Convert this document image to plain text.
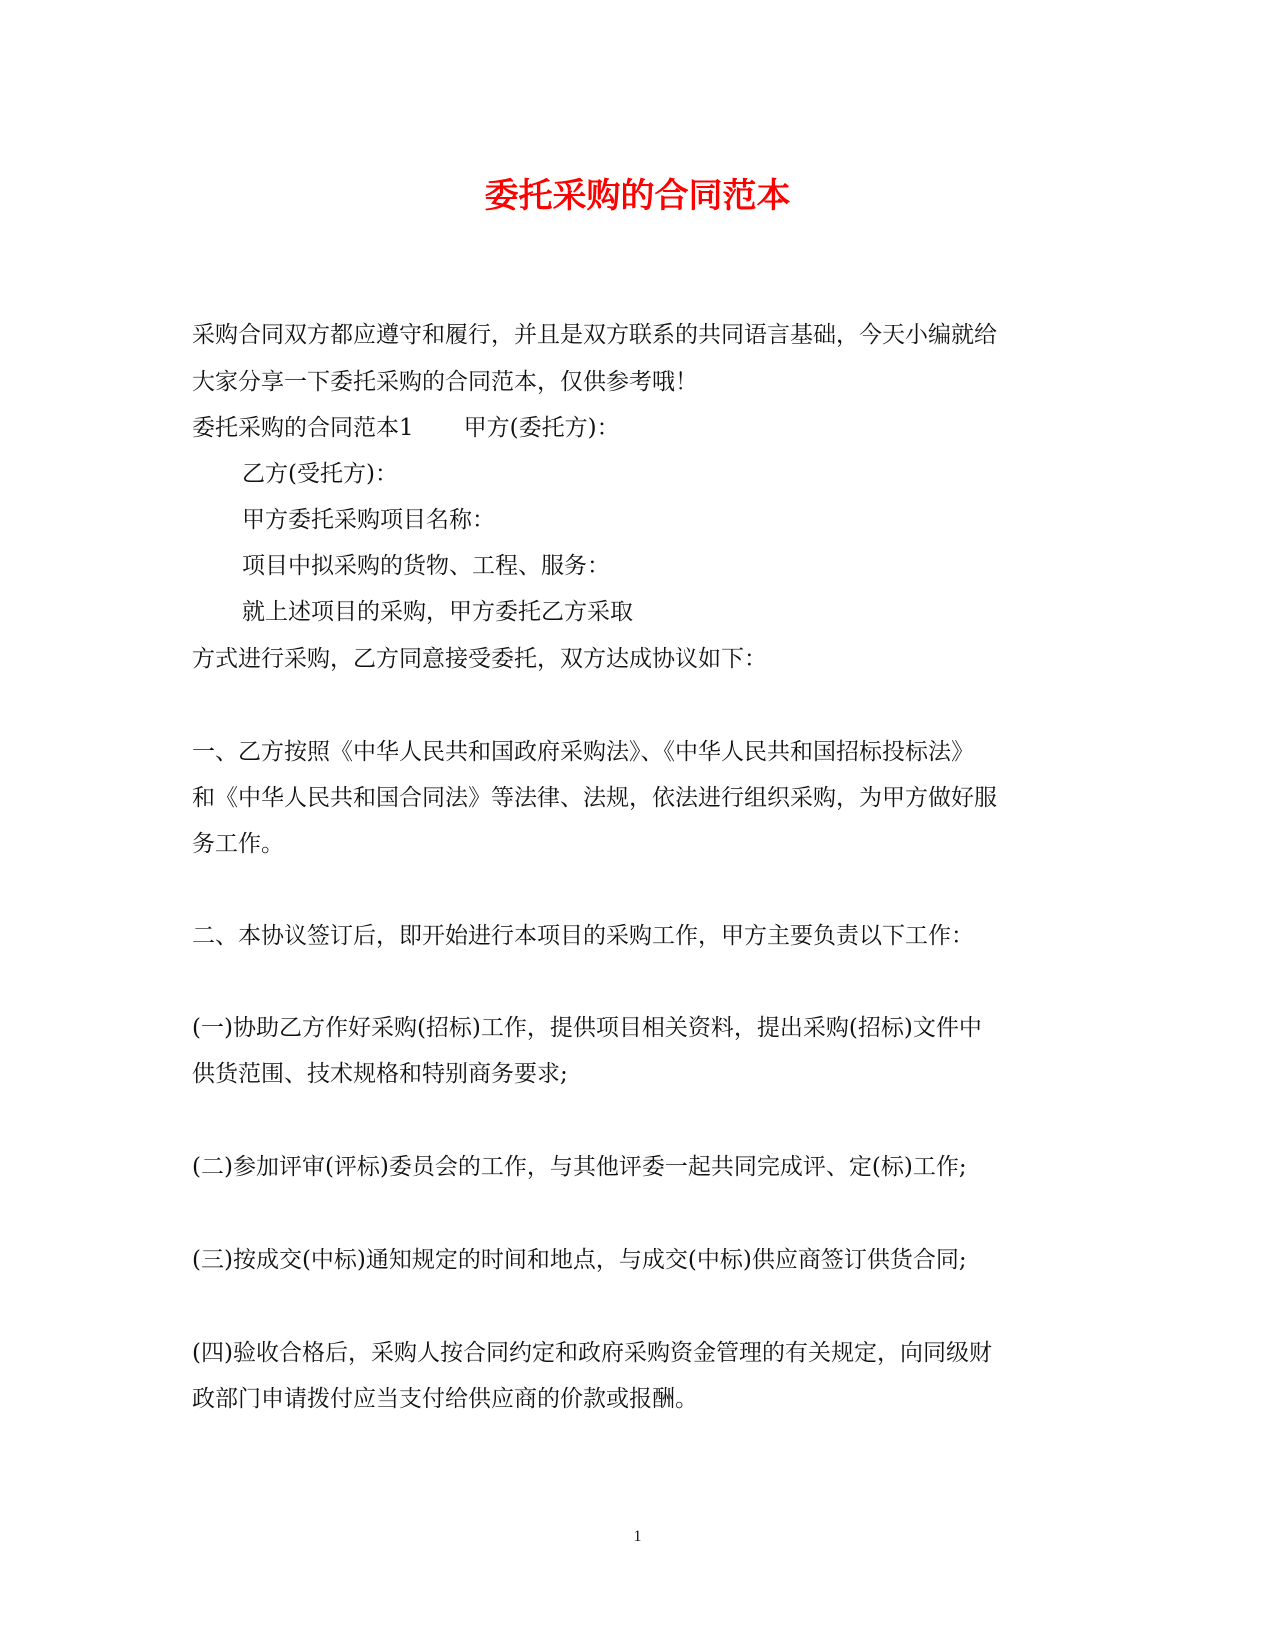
委托采购的合同范本

采购合同双方都应遵守和履行，并且是双方联系的共同语言基础，今天小编就给

大家分享一下委托采购的合同范本，仅供参考哦！

委托采购的合同范本1 甲方(委托方)：

乙方(受托方)：

甲方委托采购项目名称：

项目中拟采购的货物、工程、服务：

就上述项目的采购，甲方委托乙方采取

方式进行采购，乙方同意接受委托，双方达成协议如下：

一、乙方按照《中华人民共和国政府采购法》、《中华人民共和国招标投标法》

和《中华人民共和国合同法》等法律、法规，依法进行组织采购，为甲方做好服

务工作。

二、本协议签订后，即开始进行本项目的采购工作，甲方主要负责以下工作：

(一)协助乙方作好采购(招标)工作，提供项目相关资料，提出采购(招标)文件中

供货范围、技术规格和特别商务要求;

(二)参加评审(评标)委员会的工作，与其他评委一起共同完成评、定(标)工作;

(三)按成交(中标)通知规定的时间和地点，与成交(中标)供应商签订供货合同;

(四)验收合格后，采购人按合同约定和政府采购资金管理的有关规定，向同级财

政部门申请拨付应当支付给供应商的价款或报酬。

1
